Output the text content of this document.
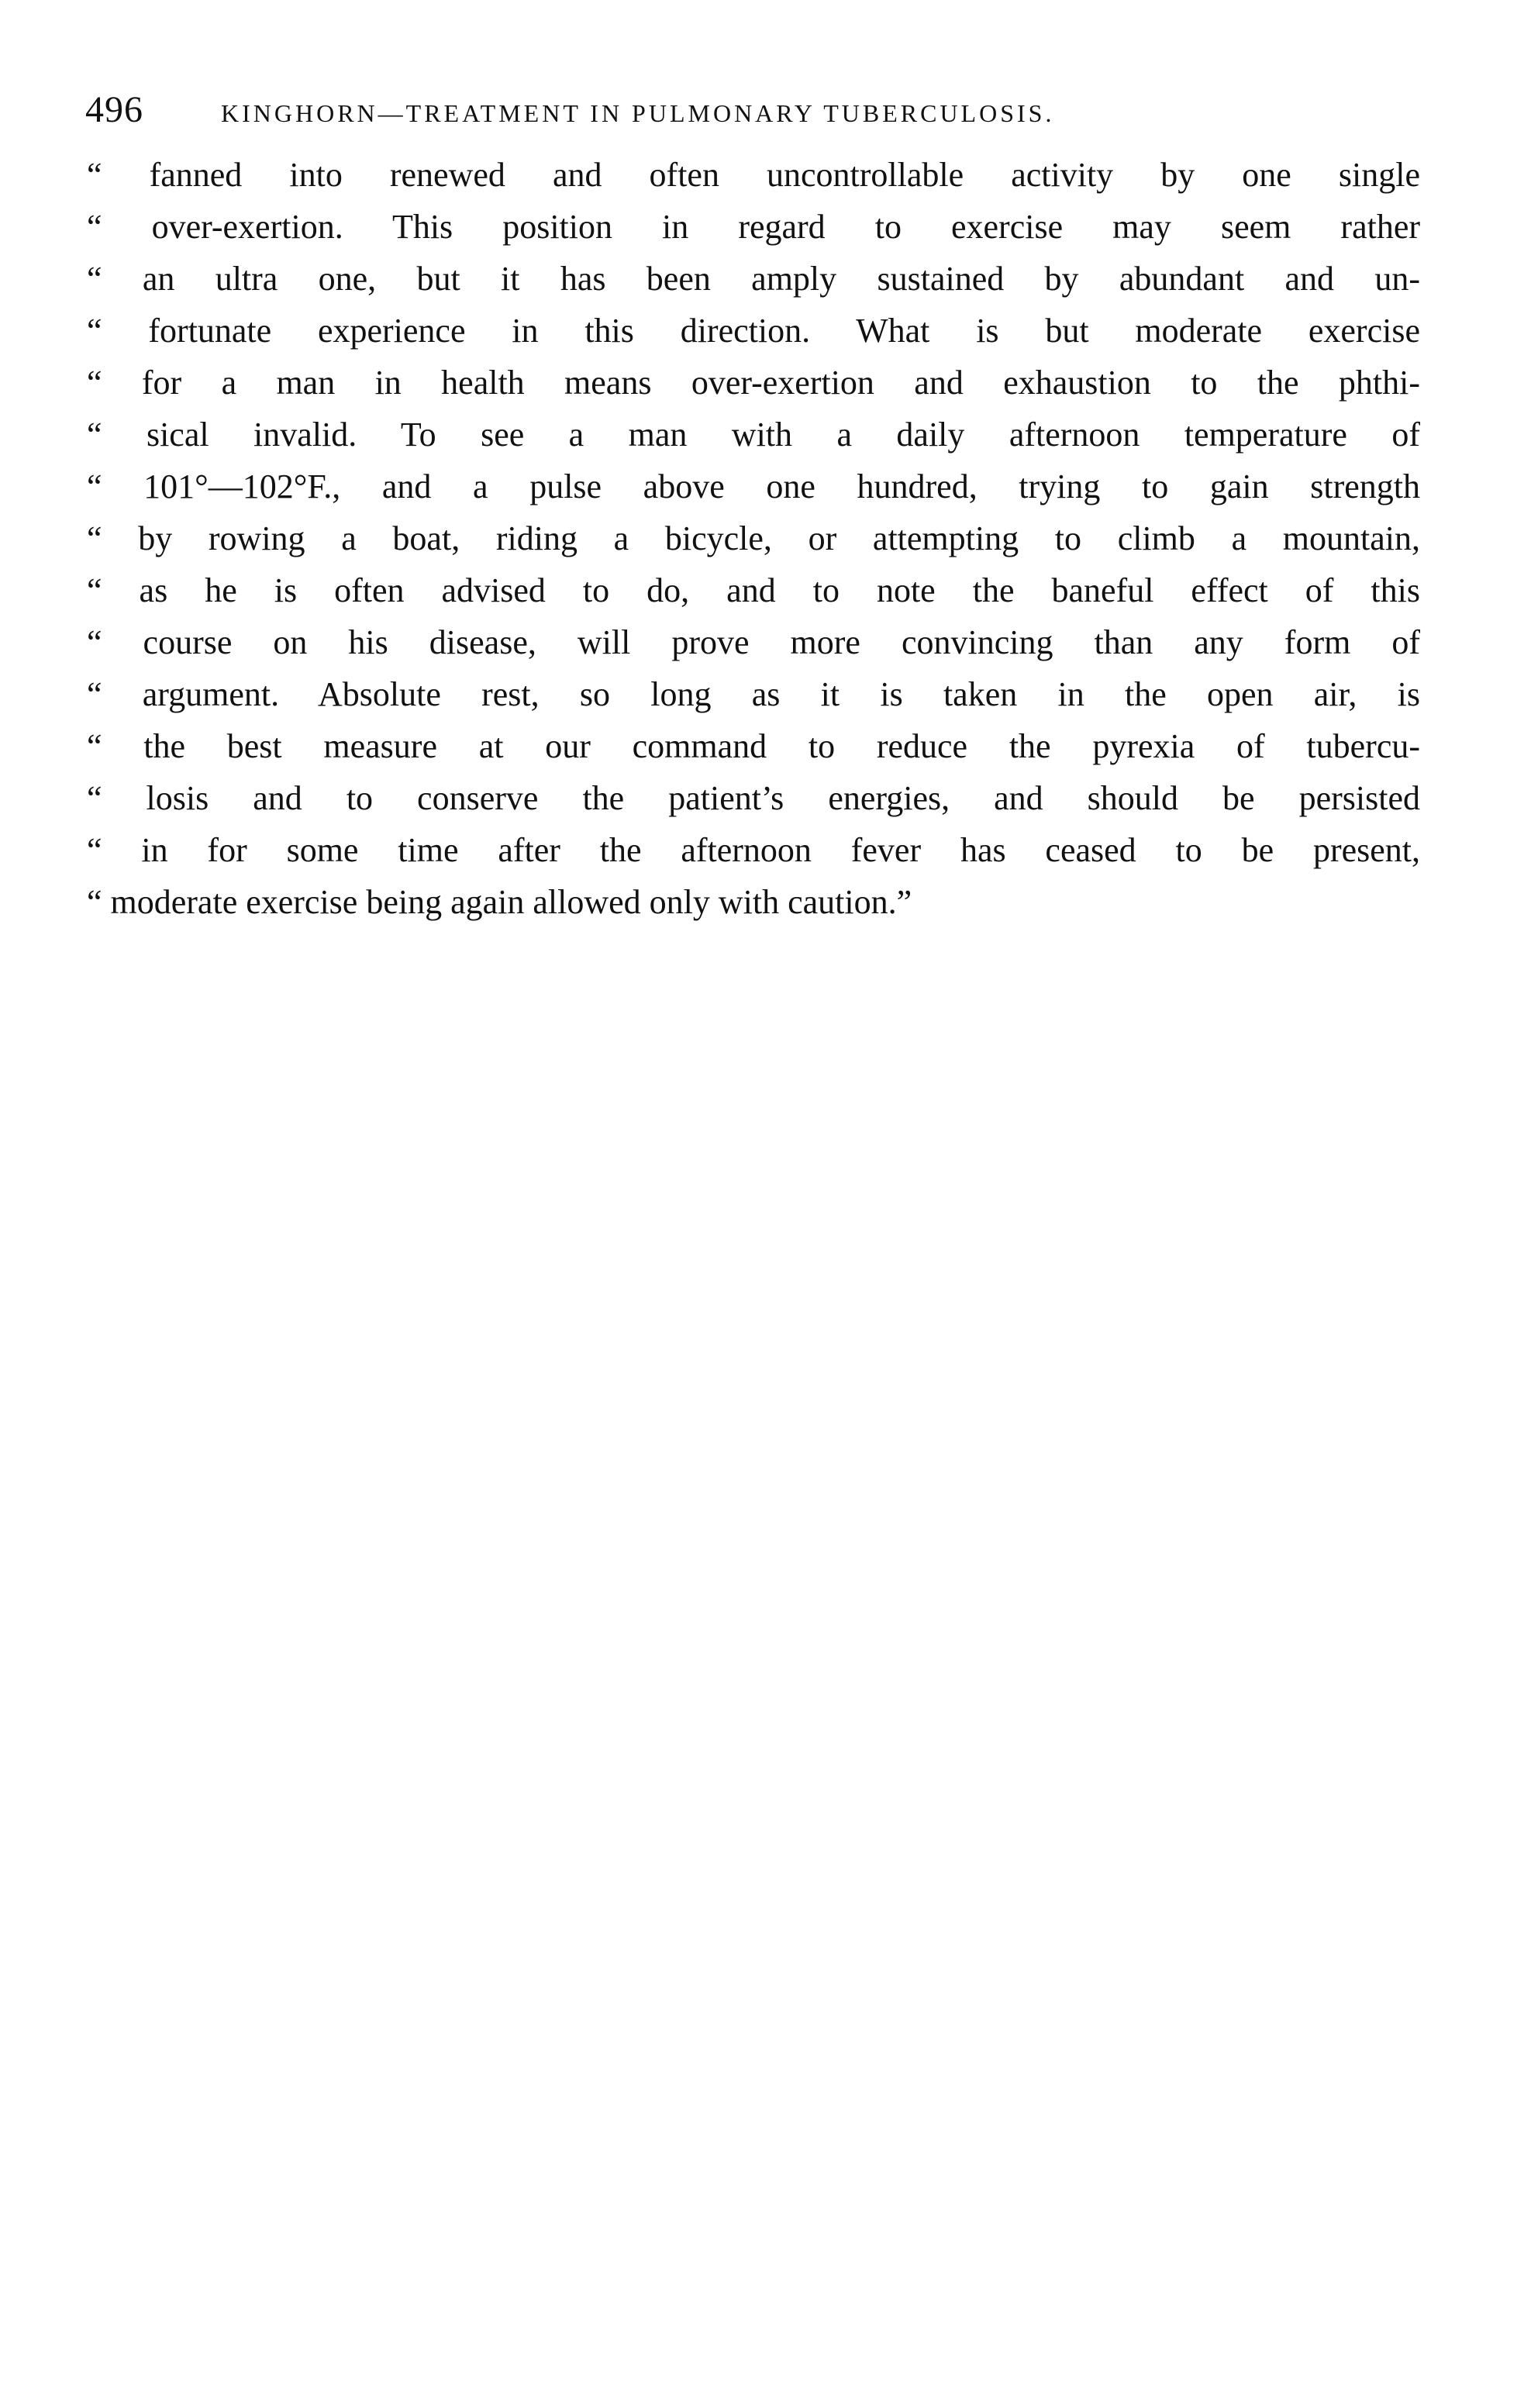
496	KINGHORN—TREATMENT IN PULMONARY TUBERCULOSIS.
“ fanned into renewed and often uncontrollable activity by one single
“ over-exertion. This position in regard to exercise may seem rather
“ an ultra one, but it has been amply sustained by abundant and un-
“ fortunate experience in this direction. What is but moderate exercise
“ for a man in health means over-exertion and exhaustion to the phthi-
“ sical invalid. To see a man with a daily afternoon temperature of
“ 101°—102°F., and a pulse above one hundred, trying to gain strength
“ by rowing a boat, riding a bicycle, or attempting to climb a mountain,
“ as he is often advised to do, and to note the baneful effect of this
“ course on his disease, will prove more convincing than any form of
“ argument. Absolute rest, so long as it is taken in the open air, is
“ the best measure at our command to reduce the pyrexia of tubercu-
“ losis and to conserve the patient’s energies, and should be persisted
“ in for some time after the afternoon fever has ceased to be present,
“ moderate exercise being again allowed only with caution.”
